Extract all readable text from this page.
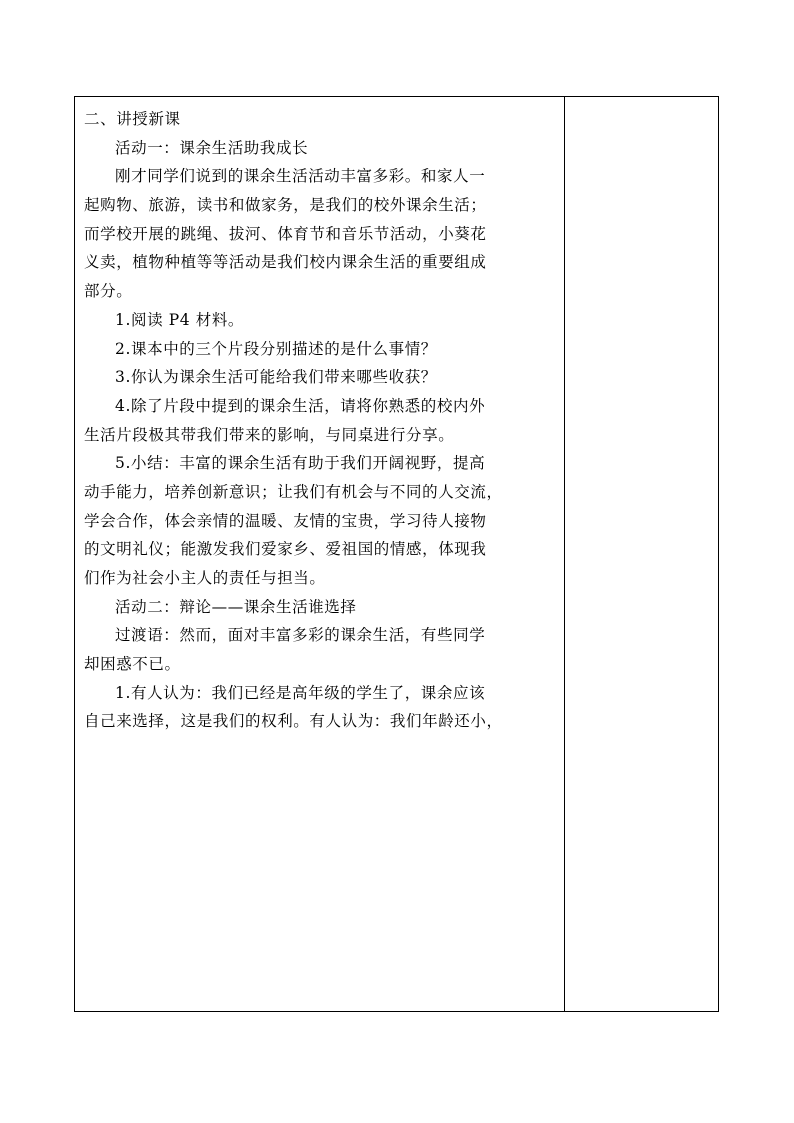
二、讲授新课
活动一：课余生活助我成长
刚才同学们说到的课余生活活动丰富多彩。和家人一
起购物、旅游，读书和做家务，是我们的校外课余生活；
而学校开展的跳绳、拔河、体育节和音乐节活动，小葵花
义卖，植物种植等等活动是我们校内课余生活的重要组成
部分。
1.阅读 P4 材料。
2.课本中的三个片段分别描述的是什么事情？
3.你认为课余生活可能给我们带来哪些收获？
4.除了片段中提到的课余生活，请将你熟悉的校内外
生活片段极其带我们带来的影响，与同桌进行分享。
5.小结：丰富的课余生活有助于我们开阔视野，提高
动手能力，培养创新意识；让我们有机会与不同的人交流，
学会合作，体会亲情的温暖、友情的宝贵，学习待人接物
的文明礼仪；能激发我们爱家乡、爱祖国的情感，体现我
们作为社会小主人的责任与担当。
活动二：辩论——课余生活谁选择
过渡语：然而，面对丰富多彩的课余生活，有些同学
却困惑不已。
1.有人认为：我们已经是高年级的学生了，课余应该
自己来选择，这是我们的权利。有人认为：我们年龄还小，
